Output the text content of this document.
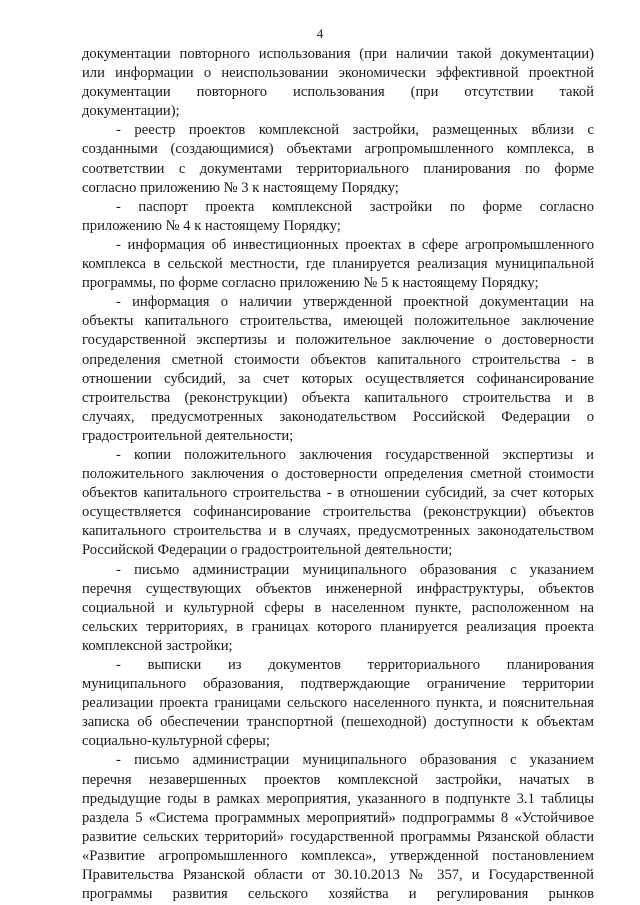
4
документации повторного использования (при наличии такой документации)
или информации о неиспользовании экономически эффективной проектной
документации повторного использования (при отсутствии такой
документации);
- реестр проектов комплексной застройки, размещенных вблизи с
созданными (создающимися) объектами агропромышленного комплекса, в
соответствии с документами территориального планирования по форме
согласно приложению № 3 к настоящему Порядку;
- паспорт проекта комплексной застройки по форме согласно
приложению № 4 к настоящему Порядку;
- информация об инвестиционных проектах в сфере агропромышленного
комплекса в сельской местности, где планируется реализация муниципальной
программы, по форме согласно приложению № 5 к настоящему Порядку;
- информация о наличии утвержденной проектной документации на
объекты капитального строительства, имеющей положительное заключение
государственной экспертизы и положительное заключение о достоверности
определения сметной стоимости объектов капитального строительства - в
отношении субсидий, за счет которых осуществляется софинансирование
строительства (реконструкции) объекта капитального строительства и в
случаях, предусмотренных законодательством Российской Федерации о
градостроительной деятельности;
- копии положительного заключения государственной экспертизы и
положительного заключения о достоверности определения сметной стоимости
объектов капитального строительства - в отношении субсидий, за счет которых
осуществляется софинансирование строительства (реконструкции) объектов
капитального строительства и в случаях, предусмотренных законодательством
Российской Федерации о градостроительной деятельности;
- письмо администрации муниципального образования с указанием
перечня существующих объектов инженерной инфраструктуры, объектов
социальной и культурной сферы в населенном пункте, расположенном на
сельских территориях, в границах которого планируется реализация проекта
комплексной застройки;
- выписки из документов территориального планирования
муниципального образования, подтверждающие ограничение территории
реализации проекта границами сельского населенного пункта, и пояснительная
записка об обеспечении транспортной (пешеходной) доступности к объектам
социально-культурной сферы;
- письмо администрации муниципального образования с указанием
перечня незавершенных проектов комплексной застройки, начатых в
предыдущие годы в рамках мероприятия, указанного в подпункте 3.1 таблицы
раздела 5 «Система программных мероприятий» подпрограммы 8 «Устойчивое
развитие сельских территорий» государственной программы Рязанской области
«Развитие агропромышленного комплекса», утвержденной постановлением
Правительства Рязанской области от 30.10.2013 № 357, и Государственной
программы развития сельского хозяйства и регулирования рынков
